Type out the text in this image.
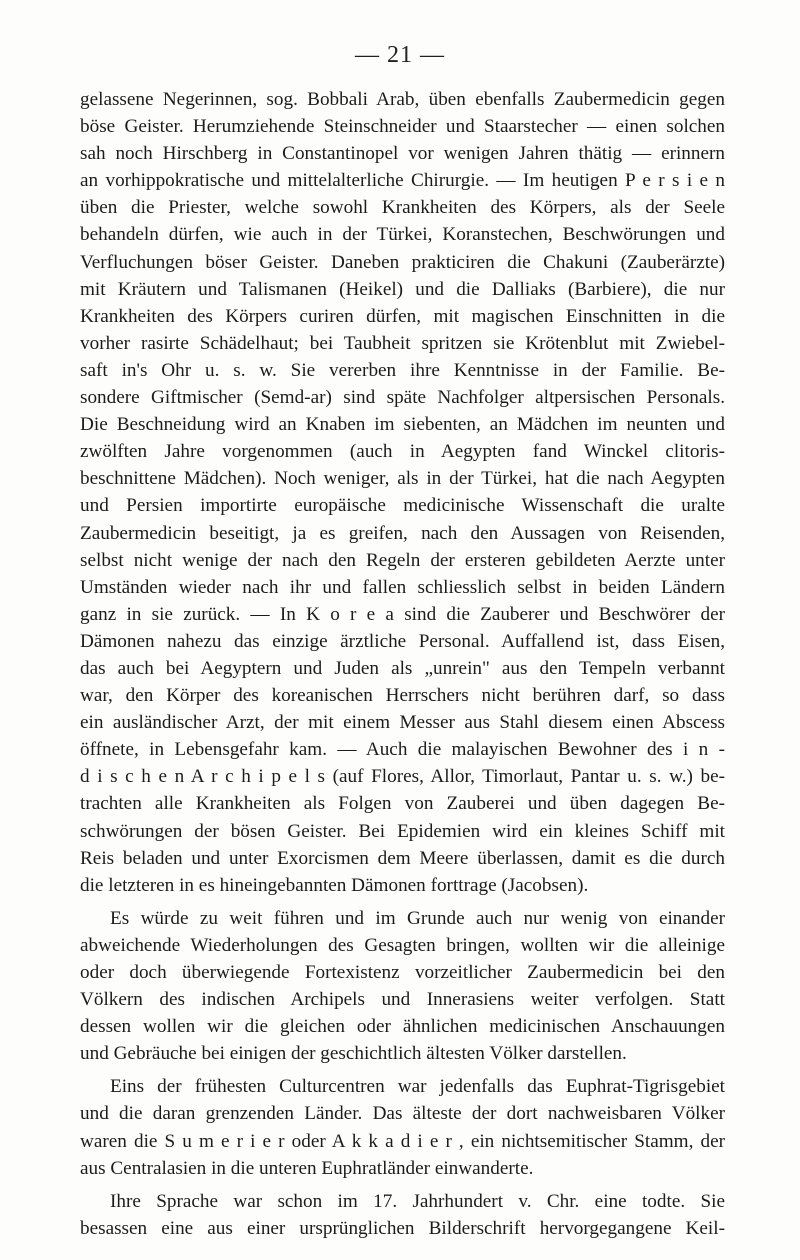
— 21 —
gelassene Negerinnen, sog. Bobbali Arab, üben ebenfalls Zaubermedicin gegen
böse Geister. Herumziehende Steinschneider und Staarstecher — einen solchen
sah noch Hirschberg in Constantinopel vor wenigen Jahren thätig — erinnern
an vorhippokratische und mittelalterliche Chirurgie. — Im heutigen P e r s i e n
üben die Priester, welche sowohl Krankheiten des Körpers, als der Seele
behandeln dürfen, wie auch in der Türkei, Koranstechen, Beschwörungen und
Verfluchungen böser Geister. Daneben prakticiren die Chakuni (Zauberärzte)
mit Kräutern und Talismanen (Heikel) und die Dalliaks (Barbiere), die nur
Krankheiten des Körpers curiren dürfen, mit magischen Einschnitten in die
vorher rasirte Schädelhaut; bei Taubheit spritzen sie Krötenblut mit Zwiebel-
saft in's Ohr u. s. w. Sie vererben ihre Kenntnisse in der Familie. Be-
sondere Giftmischer (Semd-ar) sind späte Nachfolger altpersischen Personals.
Die Beschneidung wird an Knaben im siebenten, an Mädchen im neunten und
zwölften Jahre vorgenommen (auch in Aegypten fand Winckel clitoris-
beschnittene Mädchen). Noch weniger, als in der Türkei, hat die nach Aegypten
und Persien importirte europäische medicinische Wissenschaft die uralte
Zaubermedicin beseitigt, ja es greifen, nach den Aussagen von Reisenden,
selbst nicht wenige der nach den Regeln der ersteren gebildeten Aerzte unter
Umständen wieder nach ihr und fallen schliesslich selbst in beiden Ländern
ganz in sie zurück. — In K o r e a sind die Zauberer und Beschwörer der
Dämonen nahezu das einzige ärztliche Personal. Auffallend ist, dass Eisen,
das auch bei Aegyptern und Juden als „unrein" aus den Tempeln verbannt
war, den Körper des koreanischen Herrschers nicht berühren darf, so dass
ein ausländischer Arzt, der mit einem Messer aus Stahl diesem einen Abscess
öffnete, in Lebensgefahr kam. — Auch die malayischen Bewohner des i n -
d i s c h e n A r c h i p e l s (auf Flores, Allor, Timorlaut, Pantar u. s. w.) be-
trachten alle Krankheiten als Folgen von Zauberei und üben dagegen Be-
schwörungen der bösen Geister. Bei Epidemien wird ein kleines Schiff mit
Reis beladen und unter Exorcismen dem Meere überlassen, damit es die durch
die letzteren in es hineingebannten Dämonen forttrage (Jacobsen).
Es würde zu weit führen und im Grunde auch nur wenig von einander
abweichende Wiederholungen des Gesagten bringen, wollten wir die alleinige
oder doch überwiegende Fortexistenz vorzeitlicher Zaubermedicin bei den
Völkern des indischen Archipels und Innerasiens weiter verfolgen. Statt
dessen wollen wir die gleichen oder ähnlichen medicinischen Anschauungen
und Gebräuche bei einigen der geschichtlich ältesten Völker darstellen.
Eins der frühesten Culturcentren war jedenfalls das Euphrat-Tigrisgebiet
und die daran grenzenden Länder. Das älteste der dort nachweisbaren Völker
waren die S u m e r i e r oder A k k a d i e r , ein nichtsemitischer Stamm, der
aus Centralasien in die unteren Euphratländer einwanderte.
Ihre Sprache war schon im 17. Jahrhundert v. Chr. eine todte. Sie
besassen eine aus einer ursprünglichen Bilderschrift hervorgegangene Keil-
